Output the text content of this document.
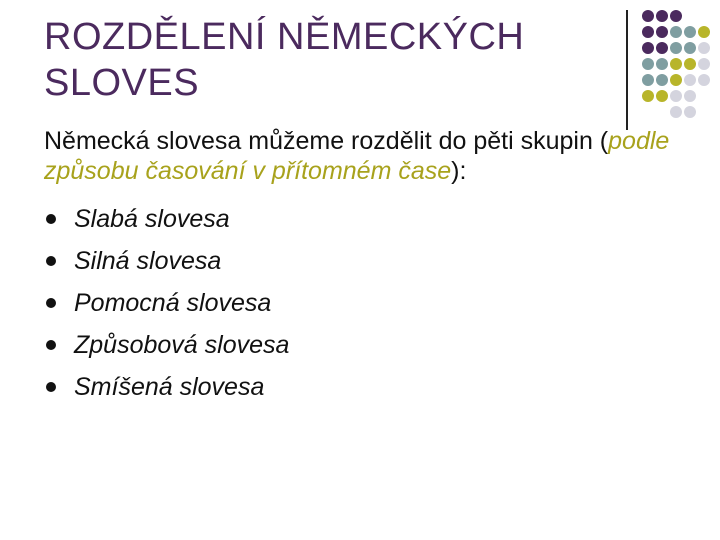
ROZDĚLENÍ NĚMECKÝCH
SLOVES

Německá slovesa můžeme rozdělit do pěti skupin (podle způsobu časování v přítomném čase):

Slabá slovesa
Silná slovesa
Pomocná slovesa
Způsobová slovesa
Smíšená slovesa
